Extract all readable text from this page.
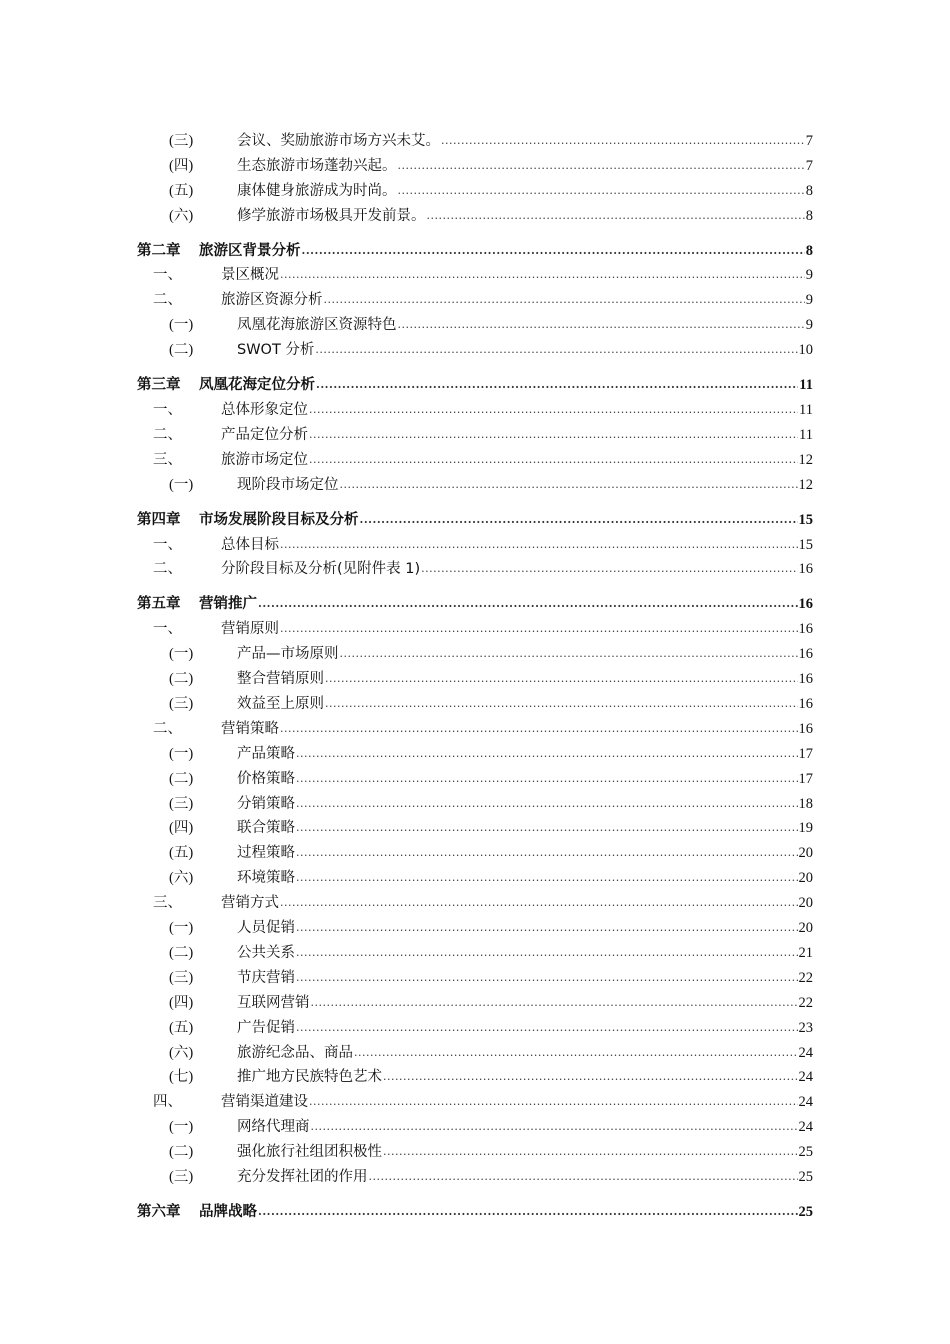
(三)	会议、奖励旅游市场方兴未艾。 .....	7
(四)	生态旅游市场蓬勃兴起。 .....	7
(五)	康体健身旅游成为时尚。 .....	8
(六)	修学旅游市场极具开发前景。 .....	8
第二章	旅游区背景分析 .....	8
一、	景区概况 .....	9
二、	旅游区资源分析 .....	9
(一)	凤凰花海旅游区资源特色 .....	9
(二)	SWOT 分析 .....	10
第三章	凤凰花海定位分析 .....	11
一、	总体形象定位 .....	11
二、	产品定位分析 .....	11
三、	旅游市场定位 .....	12
(一)	现阶段市场定位 .....	12
第四章	市场发展阶段目标及分析 .....	15
一、	总体目标 .....	15
二、	分阶段目标及分析(见附件表 1) .....	16
第五章	营销推广 .....	16
一、	营销原则 .....	16
(一)	产品—市场原则 .....	16
(二)	整合营销原则 .....	16
(三)	效益至上原则 .....	16
二、	营销策略 .....	16
(一)	产品策略 .....	17
(二)	价格策略 .....	17
(三)	分销策略 .....	18
(四)	联合策略 .....	19
(五)	过程策略 .....	20
(六)	环境策略 .....	20
三、	营销方式 .....	20
(一)	人员促销 .....	20
(二)	公共关系 .....	21
(三)	节庆营销 .....	22
(四)	互联网营销 .....	22
(五)	广告促销 .....	23
(六)	旅游纪念品、商品 .....	24
(七)	推广地方民族特色艺术 .....	24
四、	营销渠道建设 .....	24
(一)	网络代理商 .....	24
(二)	强化旅行社组团积极性 .....	25
(三)	充分发挥社团的作用 .....	25
第六章	品牌战略 .....	25
